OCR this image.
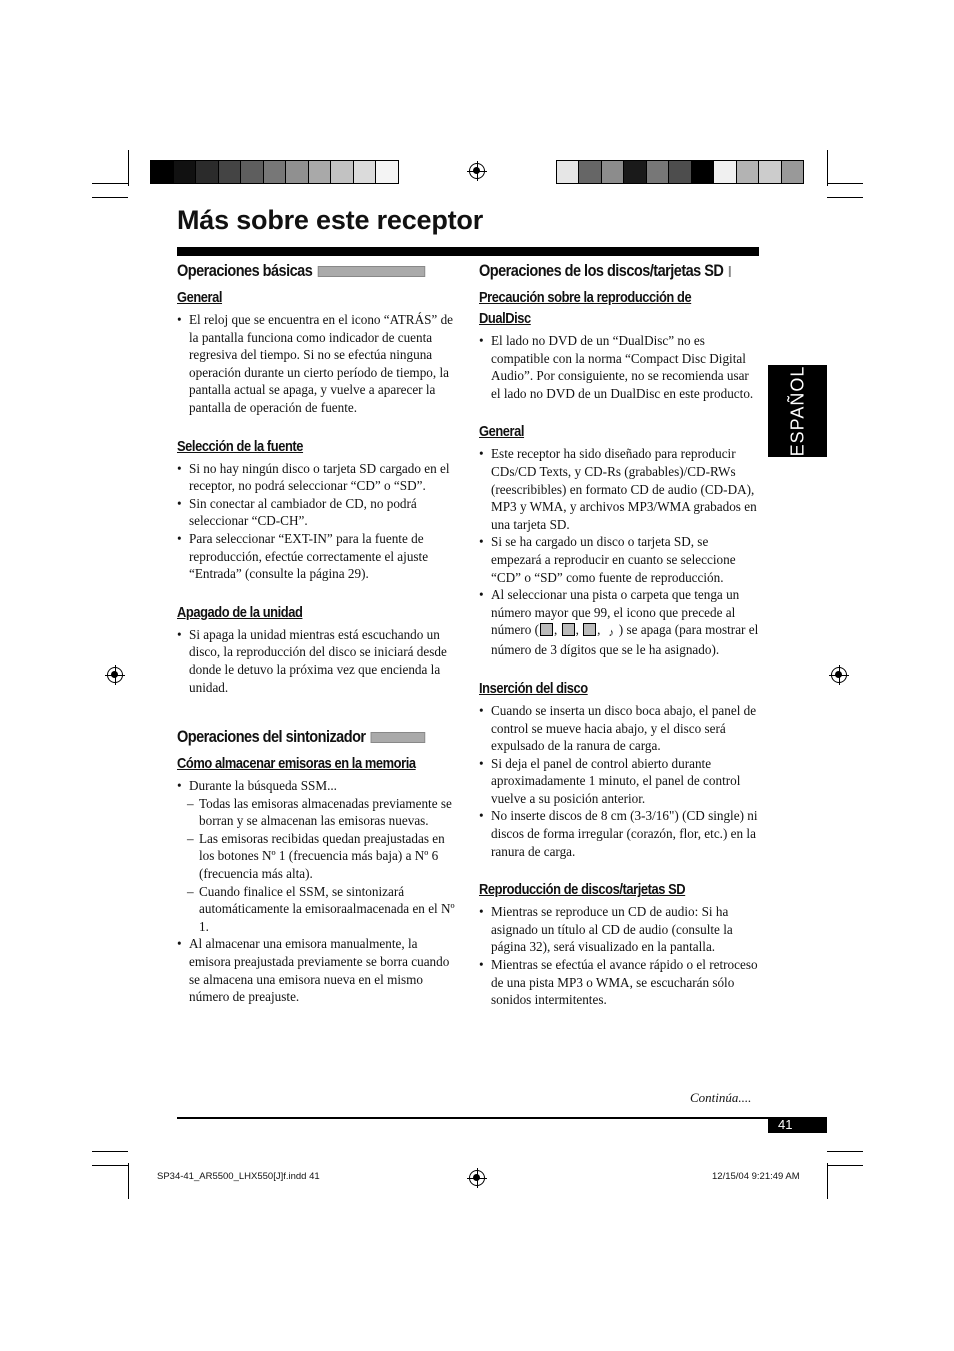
Más sobre este receptor
ESPAÑOL
Operaciones básicas
General
• El reloj que se encuentra en el icono “ATRÁS” de la pantalla funciona como indicador de cuenta regresiva del tiempo. Si no se efectúa ninguna operación durante un cierto período de tiempo, la pantalla actual se apaga, y vuelve a aparecer la pantalla de operación de fuente.
Selección de la fuente
• Si no hay ningún disco o tarjeta SD cargado en el receptor, no podrá seleccionar “CD” o “SD”.
• Sin conectar al cambiador de CD, no podrá seleccionar “CD-CH”.
• Para seleccionar “EXT-IN” para la fuente de reproducción, efectúe correctamente el ajuste “Entrada” (consulte la página 29).
Apagado de la unidad
• Si apaga la unidad mientras está escuchando un disco, la reproducción del disco se iniciará desde donde le detuvo la próxima vez que encienda la unidad.
Operaciones del sintonizador
Cómo almacenar emisoras en la memoria
• Durante la búsqueda SSM...
– Todas las emisoras almacenadas previamente se borran y se almacenan las emisoras nuevas.
– Las emisoras recibidas quedan preajustadas en los botones Nº 1 (frecuencia más baja) a Nº 6 (frecuencia más alta).
– Cuando finalice el SSM, se sintonizará automáticamente la emisoraalmacenada en el Nº 1.
• Al almacenar una emisora manualmente, la emisora preajustada previamente se borra cuando se almacena una emisora nueva en el mismo número de preajuste.
Operaciones de los discos/tarjetas SD
Precaución sobre la reproducción de
DualDisc
• El lado no DVD de un “DualDisc” no es compatible con la norma “Compact Disc Digital Audio”. Por consiguiente, no se recomienda usar el lado no DVD de un DualDisc en este producto.
General
• Este receptor ha sido diseñado para reproducir CDs/CD Texts, y CD-Rs (grabables)/CD-RWs (reescribibles) en formato CD de audio (CD-DA), MP3 y WMA, y archivos MP3/WMA grabados en una tarjeta SD.
• Si se ha cargado un disco o tarjeta SD, se empezará a reproducir en cuanto se seleccione “CD” o “SD” como fuente de reproducción.
• Al seleccionar una pista o carpeta que tenga un número mayor que 99, el icono que precede al número ( , , , ♪ ) se apaga (para mostrar el número de 3 dígitos que se le ha asignado).
Inserción del disco
• Cuando se inserta un disco boca abajo, el panel de control se mueve hacia abajo, y el disco será expulsado de la ranura de carga.
• Si deja el panel de control abierto durante aproximadamente 1 minuto, el panel de control vuelve a su posición anterior.
• No inserte discos de 8 cm (3-3/16") (CD single) ni discos de forma irregular (corazón, flor, etc.) en la ranura de carga.
Reproducción de discos/tarjetas SD
• Mientras se reproduce un CD de audio: Si ha asignado un título al CD de audio (consulte la página 32), será visualizado en la pantalla.
• Mientras se efectúa el avance rápido o el retroceso de una pista MP3 o WMA, se escucharán sólo sonidos intermitentes.
Continúa....
41
SP34-41_AR5500_LHX550[J]f.indd 41	12/15/04 9:21:49 AM
